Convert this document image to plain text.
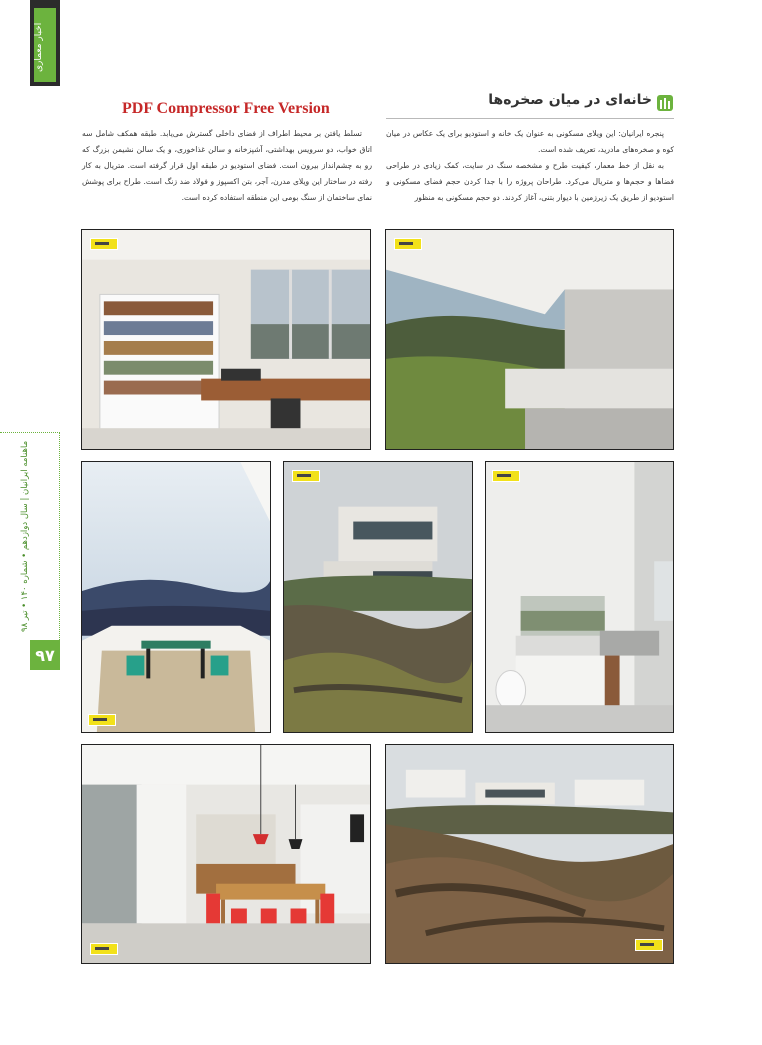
اخبار معماری
ماهنامه ایرانیان | سال دوازدهم • شماره ۱۴۰ • تیر ۹۸
۹۷
PDF Compressor Free Version	خانه‌ای در میان صخره‌ها

پنجره ایرانیان: این ویلای مسکونی به عنوان یک خانه و استودیو برای یک عکاس در میان کوه و صخره‌های مادرید، تعریف شده است.

به نقل از خط معمار، کیفیت طرح و مشخصه سنگ در سایت، کمک زیادی در طراحی فضاها و حجم‌ها و متریال می‌کرد. طراحان پروژه را با جدا کردن حجم فضای مسکونی و استودیو از طریق یک زیرزمین با دیوار بتنی، آغاز کردند. دو حجم مسکونی به منظور

تسلط یافتن بر محیط اطراف از فضای داخلی گسترش می‌یابد. طبقه همکف شامل سه اتاق خواب، دو سرویس بهداشتی، آشپزخانه و سالن غذاخوری، و یک سالن نشیمن بزرگ که رو به چشم‌انداز بیرون است. فضای استودیو در طبقه اول قرار گرفته است. متریال به کار رفته در ساختار این ویلای مدرن، آجر، بتن اکسپوز و فولاد ضد زنگ است. طراح برای پوشش نمای ساختمان از سنگ بومی این منطقه استفاده کرده است.
